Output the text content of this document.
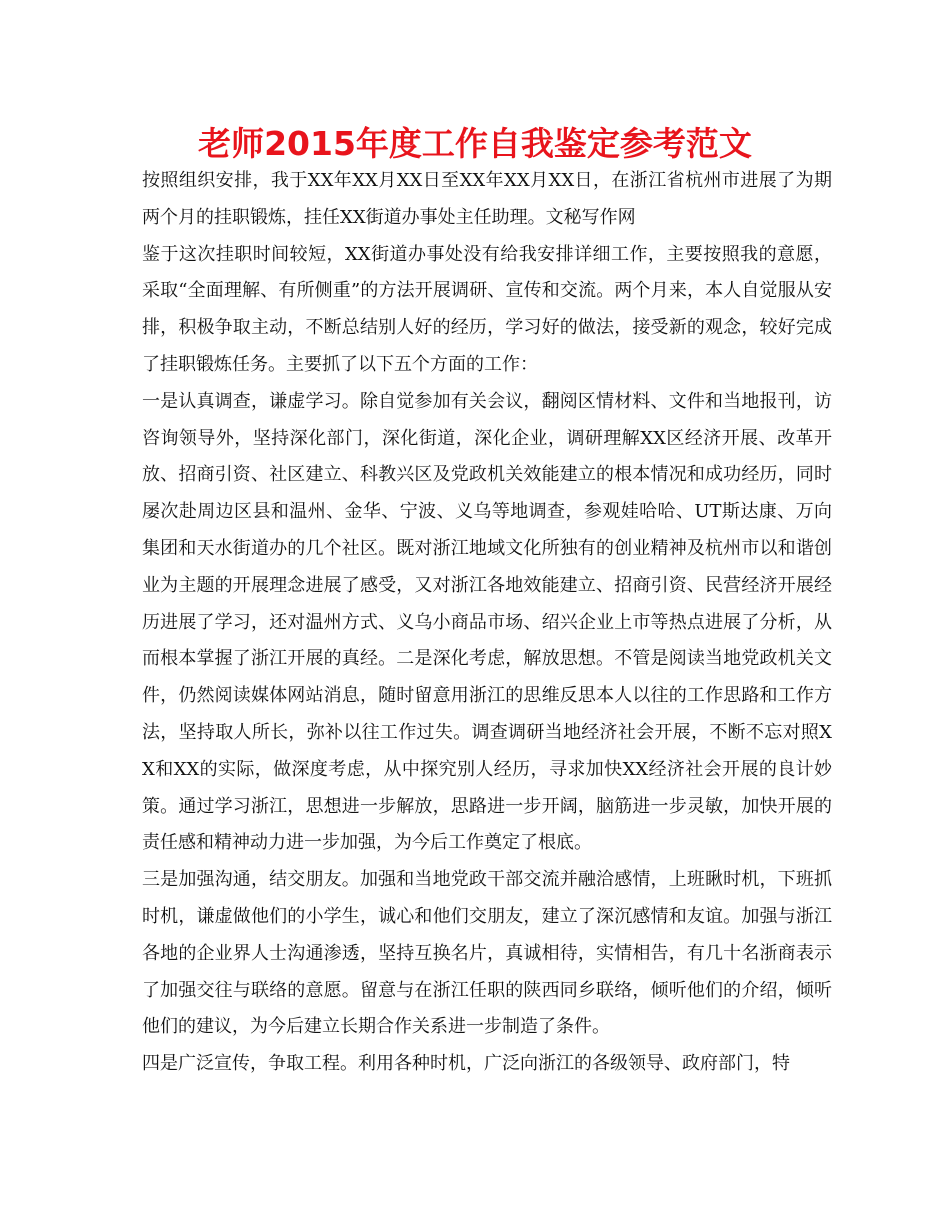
老师2015年度工作自我鉴定参考范文

按照组织安排，我于XX年XX月XX日至XX年XX月XX日，在浙江省杭州市进展了为期两个月的挂职锻炼，挂任XX街道办事处主任助理。文秘写作网

鉴于这次挂职时间较短，XX街道办事处没有给我安排详细工作，主要按照我的意愿，采取“全面理解、有所侧重”的方法开展调研、宣传和交流。两个月来，本人自觉服从安排，积极争取主动，不断总结别人好的经历，学习好的做法，接受新的观念，较好完成了挂职锻炼任务。主要抓了以下五个方面的工作：

一是认真调查，谦虚学习。除自觉参加有关会议，翻阅区情材料、文件和当地报刊，访咨询领导外，坚持深化部门，深化街道，深化企业，调研理解XX区经济开展、改革开放、招商引资、社区建立、科教兴区及党政机关效能建立的根本情况和成功经历，同时屡次赴周边区县和温州、金华、宁波、义乌等地调查，参观娃哈哈、UT斯达康、万向集团和天水街道办的几个社区。既对浙江地域文化所独有的创业精神及杭州市以和谐创业为主题的开展理念进展了感受，又对浙江各地效能建立、招商引资、民营经济开展经历进展了学习，还对温州方式、义乌小商品市场、绍兴企业上市等热点进展了分析，从而根本掌握了浙江开展的真经。二是深化考虑，解放思想。不管是阅读当地党政机关文件，仍然阅读媒体网站消息，随时留意用浙江的思维反思本人以往的工作思路和工作方法，坚持取人所长，弥补以往工作过失。调查调研当地经济社会开展，不断不忘对照XX和XX的实际，做深度考虑，从中探究别人经历，寻求加快XX经济社会开展的良计妙策。通过学习浙江，思想进一步解放，思路进一步开阔，脑筋进一步灵敏，加快开展的责任感和精神动力进一步加强，为今后工作奠定了根底。

三是加强沟通，结交朋友。加强和当地党政干部交流并融洽感情，上班瞅时机，下班抓时机，谦虚做他们的小学生，诚心和他们交朋友，建立了深沉感情和友谊。加强与浙江各地的企业界人士沟通渗透，坚持互换名片，真诚相待，实情相告，有几十名浙商表示了加强交往与联络的意愿。留意与在浙江任职的陕西同乡联络，倾听他们的介绍，倾听他们的建议，为今后建立长期合作关系进一步制造了条件。

四是广泛宣传，争取工程。利用各种时机，广泛向浙江的各级领导、政府部门，特
